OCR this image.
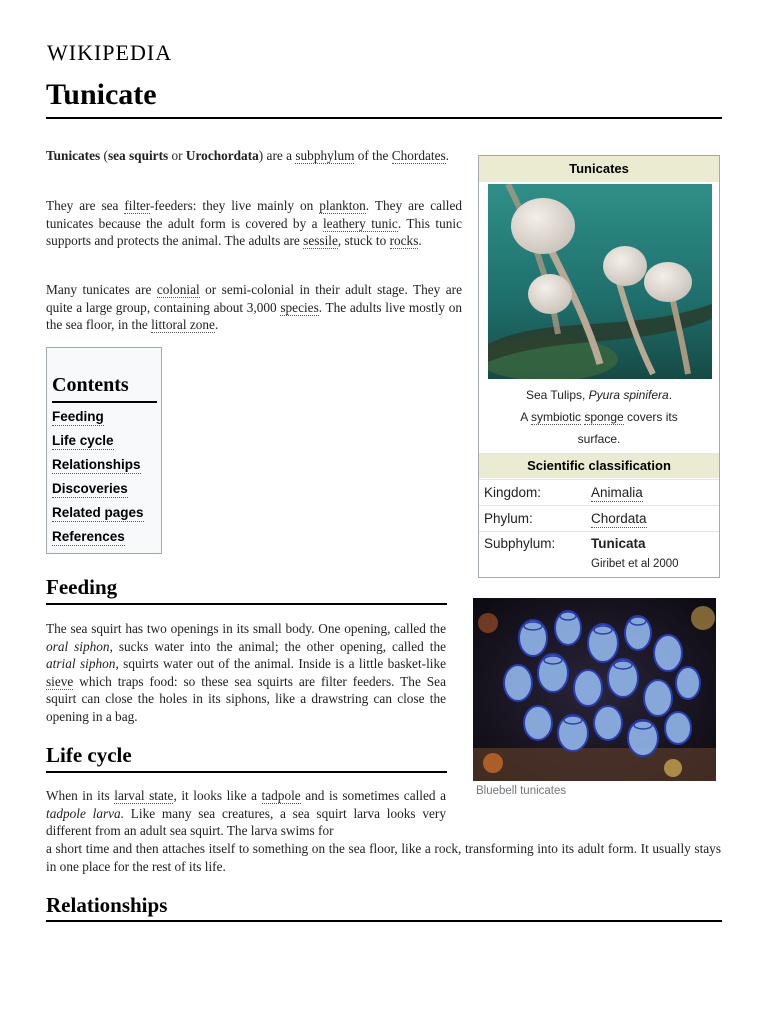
WIKIPEDIA
Tunicate

Tunicates (sea squirts or Urochordata) are a subphylum of the Chordates.

They are sea filter-feeders: they live mainly on plankton. They are called tunicates because the adult form is covered by a leathery tunic. This tunic supports and protects the animal. The adults are sessile, stuck to rocks.

Many tunicates are colonial or semi-colonial in their adult stage. They are quite a large group, containing about 3,000 species. The adults live mostly on the sea floor, in the littoral zone.

Tunicates
Sea Tulips, Pyura spinifera.
A symbiotic sponge covers its
surface.
Scientific classification
Kingdom:	Animalia
Phylum:	Chordata
Subphylum:	Tunicata
Giribet et al 2000
Contents
Feeding
Life cycle
Relationships
Discoveries
Related pages
References
Feeding

The sea squirt has two openings in its small body. One opening, called the oral siphon, sucks water into the animal; the other opening, called the atrial siphon, squirts water out of the animal. Inside is a little basket-like sieve which traps food: so these sea squirts are filter feeders. The Sea squirt can close the holes in its siphons, like a drawstring can close the opening in a bag.

Bluebell tunicates
Life cycle

When in its larval state, it looks like a tadpole and is sometimes called a tadpole larva. Like many sea creatures, a sea squirt larva looks very different from an adult sea squirt. The larva swims for

a short time and then attaches itself to something on the sea floor, like a rock, transforming into its adult form. It usually stays in one place for the rest of its life.

Relationships
